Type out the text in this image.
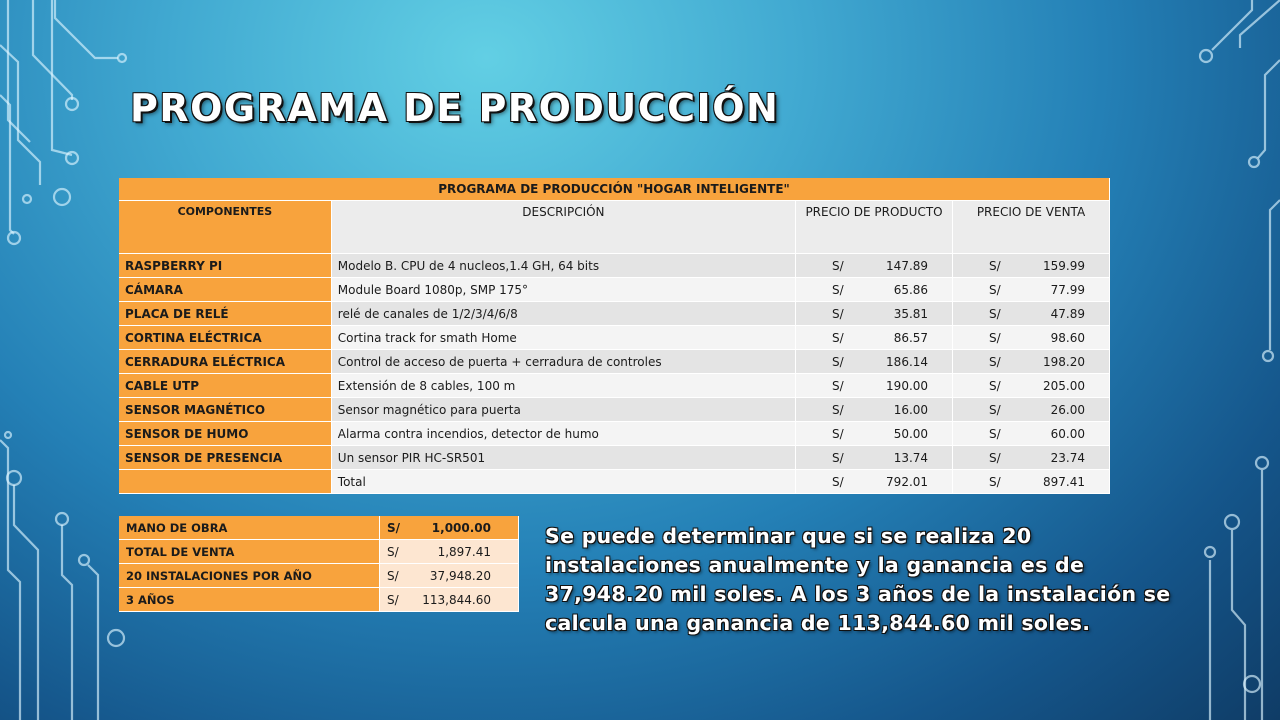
PROGRAMA DE PRODUCCIÓN
PROGRAMA DE PRODUCCIÓN "HOGAR INTELIGENTE"			
COMPONENTES	DESCRIPCIÓN	PRECIO DE PRODUCTO	PRECIO DE VENTA
RASPBERRY PI	Modelo B. CPU de 4 nucleos,1.4 GH, 64 bits	S/ 147.89	S/ 159.99

CÁMARA	Module Board 1080p, SMP 175°	S/ 65.86	S/ 77.99

PLACA DE RELÉ	relé de canales de 1/2/3/4/6/8	S/ 35.81	S/ 47.89

CORTINA ELÉCTRICA	Cortina track for smath Home	S/ 86.57	S/ 98.60

CERRADURA ELÉCTRICA	Control de acceso de puerta + cerradura de controles	S/ 186.14	S/ 198.20

CABLE UTP	Extensión de 8 cables, 100 m	S/ 190.00	S/ 205.00

SENSOR MAGNÉTICO	Sensor magnético para puerta	S/ 16.00	S/ 26.00

SENSOR DE HUMO	Alarma contra incendios, detector de humo	S/ 50.00	S/ 60.00

SENSOR DE PRESENCIA	Un sensor PIR HC-SR501	S/ 13.74	S/ 23.74

	Total	S/ 792.01	S/ 897.41
MANO DE OBRA	S/ 1,000.00

TOTAL DE VENTA	S/ 1,897.41

20 INSTALACIONES POR AÑO	S/ 37,948.20

3 AÑOS	S/ 113,844.60

Se puede determinar que si se realiza 20 instalaciones anualmente y la ganancia es de 37,948.20 mil soles. A los 3 años de la instalación se calcula una ganancia de 113,844.60 mil soles.
